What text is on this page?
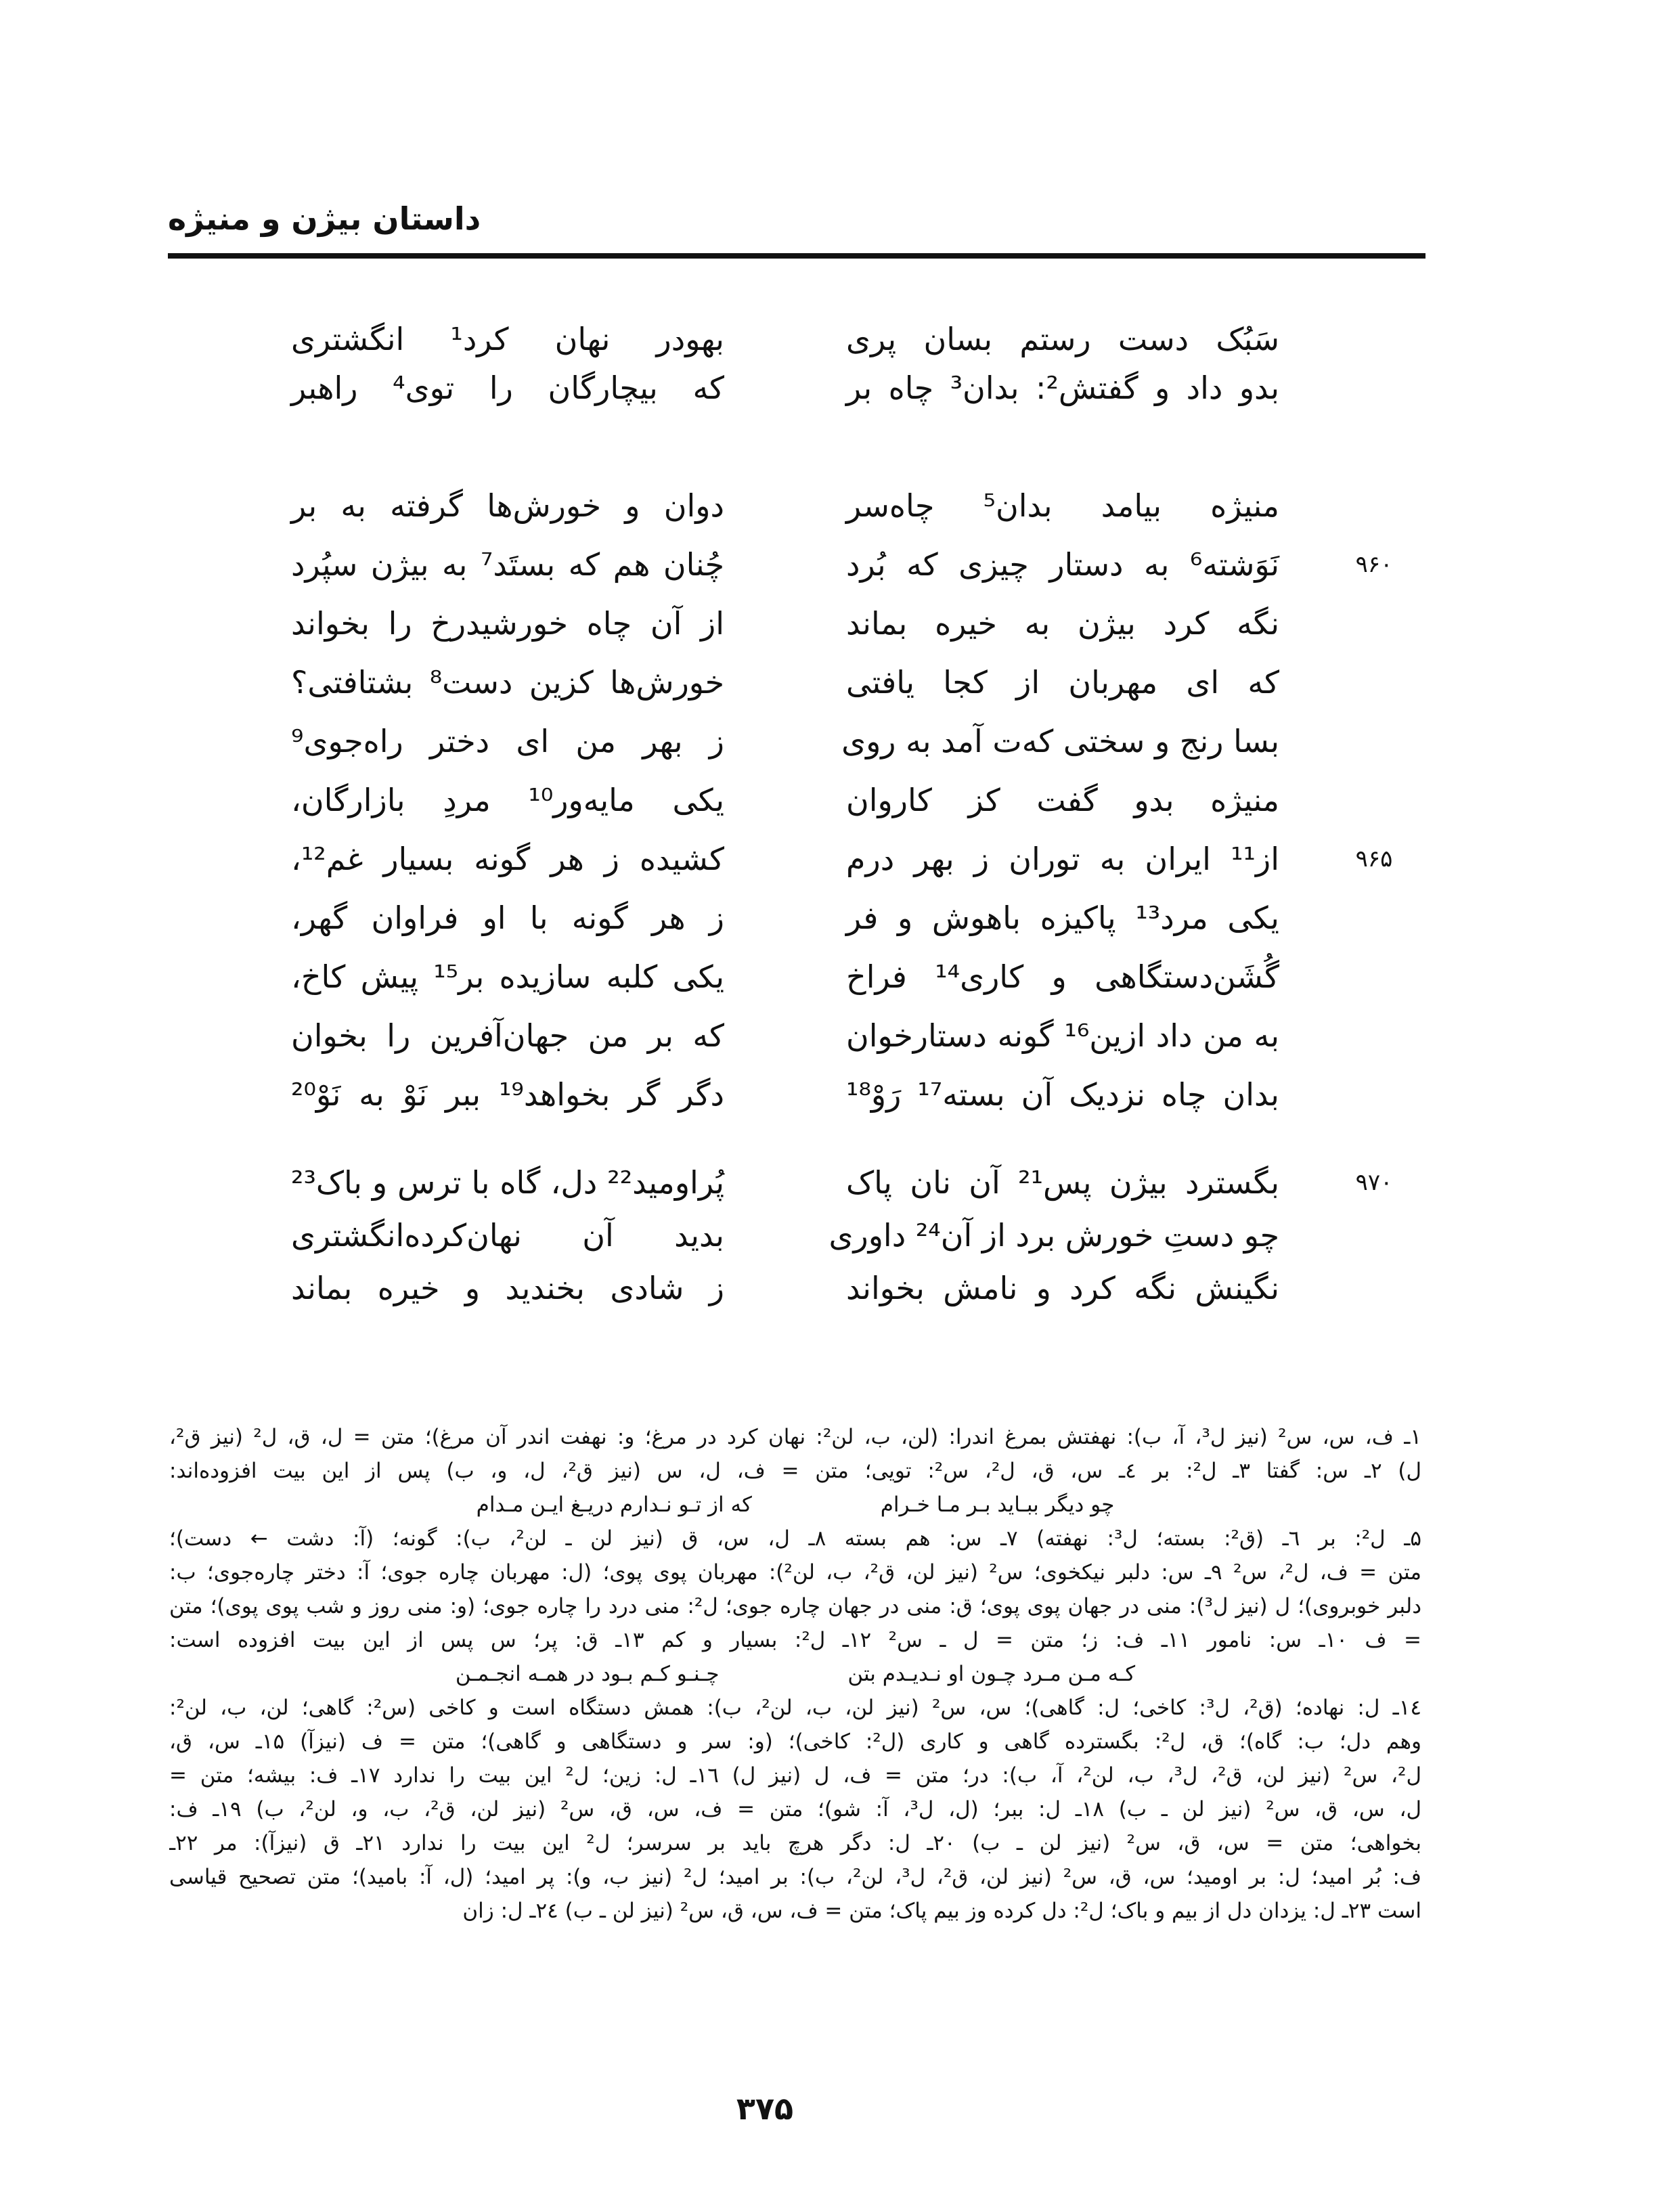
داستان بیژن و منیژه
سَبُک دست رستم بسان پری
بهودر نهان کرد¹ انگشتری
بدو داد و گفتش²: بدان³ چاه بر
که بیچارگان را توی⁴ راهبر
منیژه بیامد بدان⁵ چاه‌سر
دوان و خورش‌ها گرفته به بر
۹۶۰
نَوَشته⁶ به دستار چیزی که بُرد
چُنان هم که بستَد⁷ به بیژن سپُرد
نگه کرد بیژن به خیره بماند
از آن چاه خورشیدرخ را بخواند
که ای مهربان از کجا یافتی
خورش‌ها کزین دست⁸ بشتافتی؟
بسا رنج و سختی که‌ت آمد به روی
ز بهر من ای دختر راه‌جوی⁹
منیژه بدو گفت کز کاروان
یکی مایه‌ور¹⁰ مردِ بازارگان،
۹۶۵
از¹¹ ایران به توران ز بهر درم
کشیده ز هر گونه بسیار غم¹²،
یکی مرد¹³ پاکیزه باهوش و فر
ز هر گونه با او فراوان گهر،
گُشَن‌دستگاهی و کاری¹⁴ فراخ
یکی کلبه سازیده بر¹⁵ پیش کاخ،
به من داد ازین¹⁶ گونه دستارخوان
که بر من جهان‌آفرین را بخوان
بدان چاه نزدیک آن بسته¹⁷ رَوْ¹⁸
دگر گر بخواهد¹⁹ ببر نَوْ به نَوْ²⁰
۹۷۰
بگسترد بیژن پس²¹ آن نان پاک
پُراومید²² دل، گاه با ترس و باک²³
چو دستِ خورش برد از آن²⁴ داوری
بدید آن نهان‌کرده‌انگشتری
نگینش نگه کرد و نامش بخواند
ز شادی بخندید و خیره بماند
۱ـ ف، س، س² (نیز ل³، آ، ب): نهفتش بمرغ اندرا: (لن، ب، لن²: نهان کرد در مرغ؛ و: نهفت اندر آن مرغ)؛ متن = ل، ق، ل² (نیز ق²،
ل) ۲ـ س: گفتا ۳ـ ل²: بر ٤ـ س، ق، ل²، س²: تویی؛ متن = ف، ل، س (نیز ق²، ل، و، ب) پس از این بیت افزوده‌اند:
چو دیگر ببـاید بـر مـا خـرام که از تـو نـدارم دریـغ ایـن مـدام
۵ـ ل²: بر ٦ـ (ق²: بسته؛ ل³: نهفته) ۷ـ س: هم بسته ۸ـ ل، س، ق (نیز لن ـ لن²، ب): گونه؛ (آ: دشت ← دست)؛
متن = ف، ل²، س² ۹ـ س: دلبر نیکخوی؛ س² (نیز لن، ق²، ب، لن²): مهربان پوی پوی؛ (ل: مهربان چاره جوی؛ آ: دختر چاره‌جوی؛ ب:
دلبر خوبروی)؛ ل (نیز ل³): منی در جهان پوی پوی؛ ق: منی در جهان چاره جوی؛ ل²: منی درد را چاره جوی؛ (و: منی روز و شب پوی پوی)؛ متن
= ف ۱۰ـ س: نامور ۱۱ـ ف: ز؛ متن = ل ـ س² ۱۲ـ ل²: بسیار و کم ۱۳ـ ق: پر؛ س پس از این بیت افزوده است:
کـه مـن مـرد چـون او نـدیـدم بتن چـنـو کـم بـود در همـه انجـمـن
۱٤ـ ل: نهاده؛ (ق²، ل³: کاخی؛ ل: گاهی)؛ س، س² (نیز لن، ب، لن²، ب): همش دستگاه است و کاخی (س²: گاهی؛ لن، ب، لن²:
وهم دل؛ ب: گاه)؛ ق، ل²: بگسترده گاهی و کاری (ل²: کاخی)؛ (و: سر و دستگاهی و گاهی)؛ متن = ف (نیزآ) ۱۵ـ س، ق،
ل²، س² (نیز لن، ق²، ل³، ب، لن²، آ، ب): در؛ متن = ف، ل (نیز ل) ۱٦ـ ل: زین؛ ل² این بیت را ندارد ۱۷ـ ف: بیشه؛ متن =
ل، س، ق، س² (نیز لن ـ ب) ۱۸ـ ل: ببر؛ (ل، ل³، آ: شو)؛ متن = ف، س، ق، س² (نیز لن، ق²، ب، و، لن²، ب) ۱۹ـ ف:
بخواهی؛ متن = س، ق، س² (نیز لن ـ ب) ۲۰ـ ل: دگر هرچ باید بر سرسر؛ ل² این بیت را ندارد ۲۱ـ ق (نیزآ): مر ۲۲ـ
ف: بُر امید؛ ل: بر اومید؛ س، ق، س² (نیز لن، ق²، ل³، لن²، ب): بر امید؛ ل² (نیز ب، و): پر امید؛ (ل، آ: بامید)؛ متن تصحیح قیاسی
است ۲۳ـ ل: یزدان دل از بیم و باک؛ ل²: دل کرده وز بیم پاک؛ متن = ف، س، ق، س² (نیز لن ـ ب) ۲٤ـ ل: زان
۳۷۵
